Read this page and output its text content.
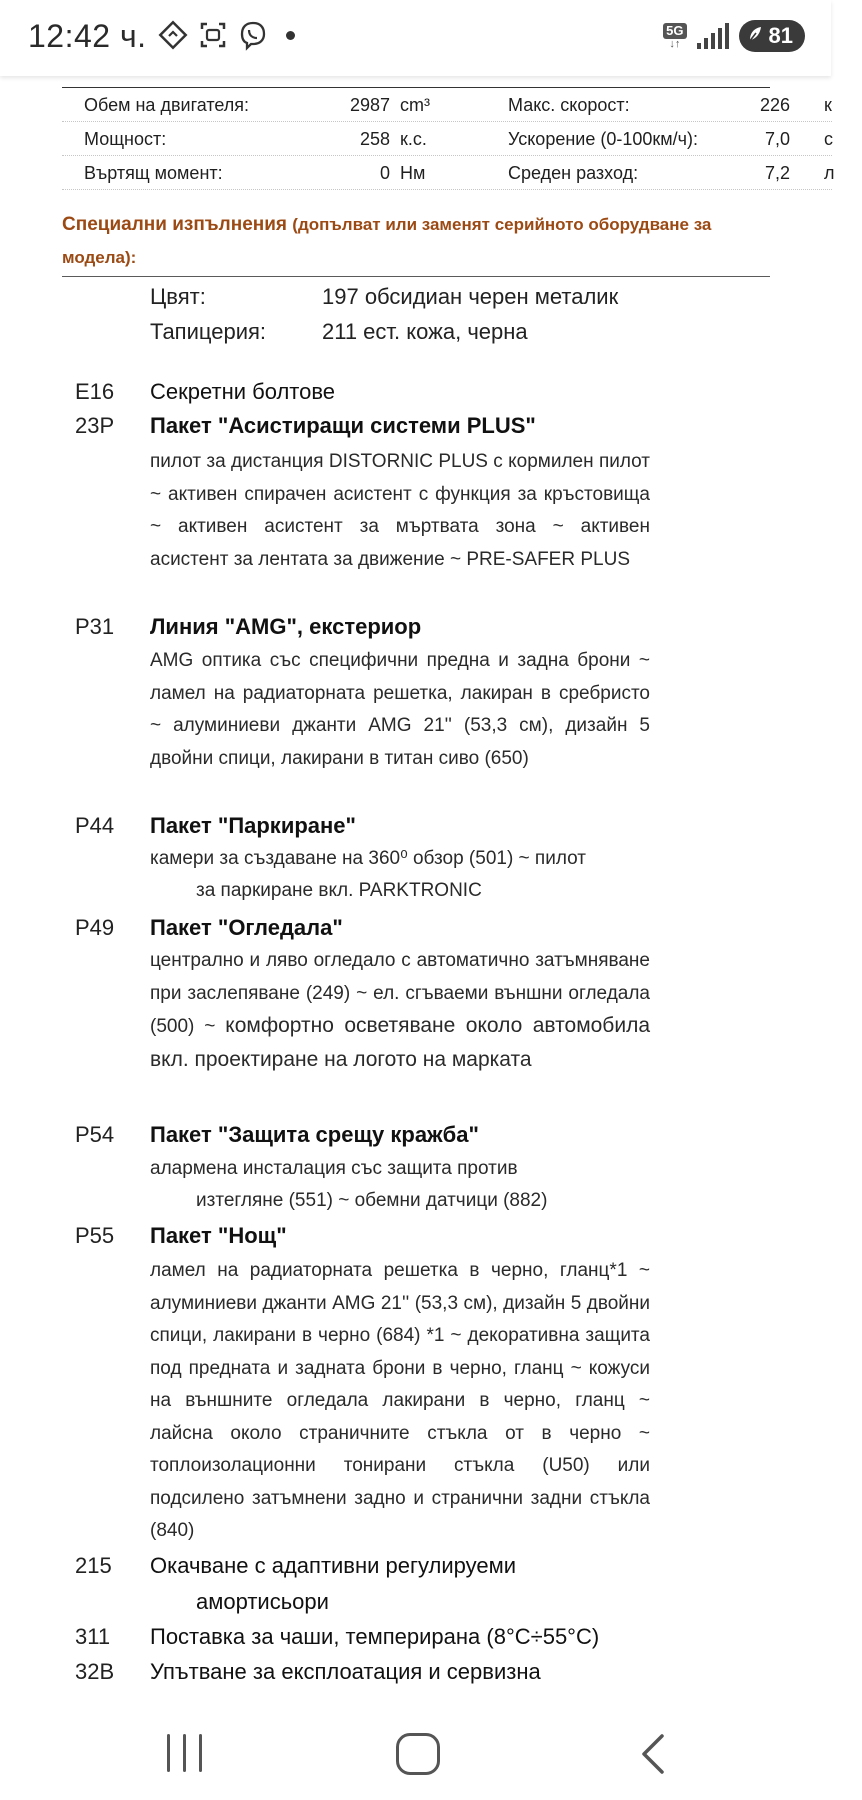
Обем на двигателя:	2987 cm³	Макс. скорост:	226 к
Мощност:	258 к.с.	Ускорение (0-100км/ч):	7,0 с
Въртящ момент:	0 Нм	Среден разход:	7,2 л
Специални изпълнения (допълват или заменят серийното оборудване за
модела):
Цвят:	197 обсидиан черен металик
Тапицерия:	211 ест. кожа, черна
E16 Секретни болтове
23P Пакет "Асистиращи системи PLUS"
пилот за дистанция DISTORNIC PLUS с кормилен пилот ~ активен спирачен асистент с функция за кръстовища ~ активен асистент за мъртвата зона ~ активен асистент за лентата за движение ~ PRE-SAFER PLUS
P31 Линия "AMG", екстериор
AMG оптика със специфични предна и задна брони ~ ламел на радиаторната решетка, лакиран в сребристо ~ алуминиеви джанти AMG 21'' (53,3 см), дизайн 5 двойни спици, лакирани в титан сиво (650)
P44 Пакет "Паркиране"
камери за създаване на 360⁰ обзор (501) ~ пилот
за паркиране вкл. PARKTRONIC
P49 Пакет "Огледала"
централно и ляво огледало с автоматично затъмняване при заслепяване (249) ~ ел. сгъваеми външни огледала (500) ~ комфортно осветяване около автомобила вкл. проектиране на логото на марката
P54 Пакет "Защита срещу кражба"
алармена инсталация със защита против
изтегляне (551) ~ обемни датчици (882)
P55 Пакет "Нощ"
ламел на радиаторната решетка в черно, гланц*1 ~ алуминиеви джанти AMG 21'' (53,3 см), дизайн 5 двойни спици, лакирани в черно (684) *1 ~ декоративна защита под предната и задната брони в черно, гланц ~ кожуси на външните огледала лакирани в черно, гланц ~ лайсна около страничните стъкла от в черно ~ топлоизолационни тонирани стъкла (U50) или подсилено затъмнени задно и странични задни стъкла (840)
215 Окачване с адаптивни регулируеми
амортисьори
311 Поставка за чаши, темперирана (8°C÷55°C)
32B Упътване за експлоатация и сервизна
12:42 ч.	5G
↓↑	81
